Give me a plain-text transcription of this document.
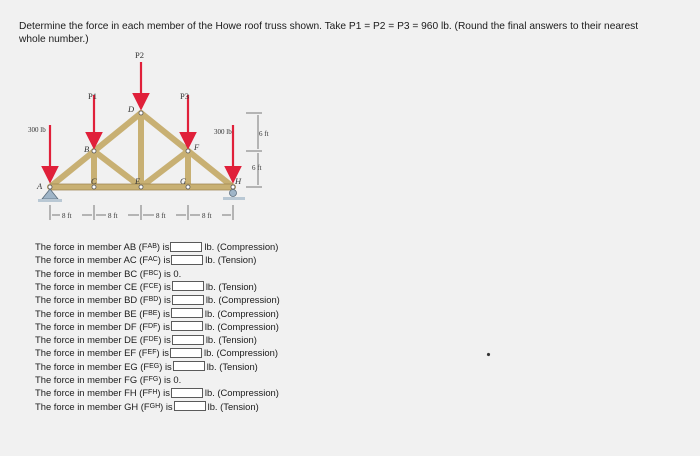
Determine the force in each member of the Howe roof truss shown. Take P1 = P2 = P3 = 960 lb. (Round the final answers to their nearest whole number.)
P2
P1	P3
300 lb	300 lb
A
B
C
D
E
F
G	H
6 ft
6 ft
8 ft	8 ft	8 ft	8 ft
The force in member AB (F AB ) is	lb. (Compression)
The force in member AC (F AC ) is	lb. (Tension)
The force in member BC (F BC ) is 0.
The force in member CE (F CE ) is	lb. (Tension)
The force in member BD (F BD ) is	lb. (Compression)
The force in member BE (F BE ) is	lb. (Compression)
The force in member DF (F DF ) is	lb. (Compression)
The force in member DE (F DE ) is	lb. (Tension)
The force in member EF (F EF ) is	lb. (Compression)
The force in member EG (F EG ) is	lb. (Tension)
The force in member FG (F FG ) is 0.
The force in member FH (F FH ) is	lb. (Compression)
The force in member GH (F GH ) is	lb. (Tension)
